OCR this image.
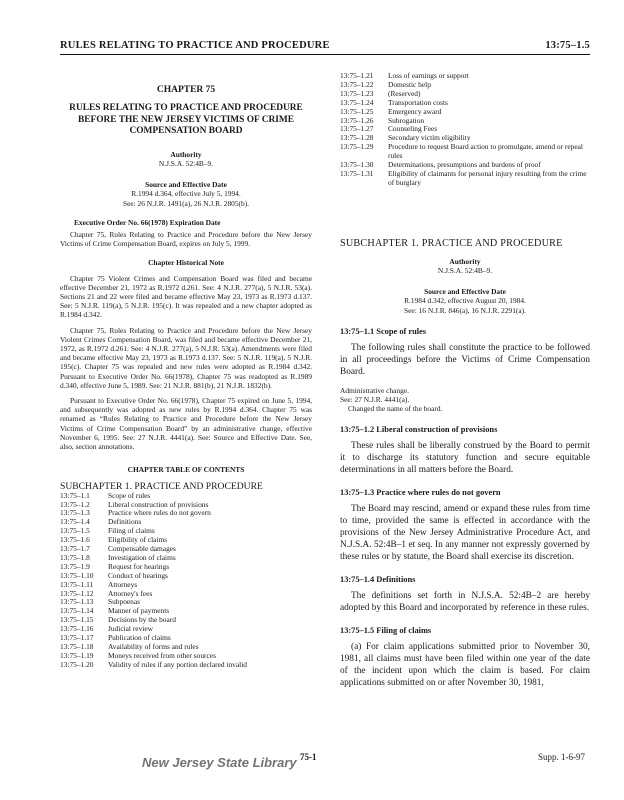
RULES RELATING TO PRACTICE AND PROCEDURE	13:75–1.5
CHAPTER 75
RULES RELATING TO PRACTICE AND PROCEDURE BEFORE THE NEW JERSEY VICTIMS OF CRIME COMPENSATION BOARD
Authority
N.J.S.A. 52:4B–9.
Source and Effective Date
R.1994 d.364, effective July 5, 1994.
See: 26 N.J.R. 1491(a), 26 N.J.R. 2805(b).
Executive Order No. 66(1978) Expiration Date

Chapter 75, Rules Relating to Practice and Procedure before the New Jersey Victims of Crime Compensation Board, expires on July 5, 1999.

Chapter Historical Note

Chapter 75 Violent Crimes and Compensation Board was filed and became effective December 21, 1972 as R.1972 d.261. See: 4 N.J.R. 277(a), 5 N.J.R. 53(a). Sections 21 and 22 were filed and became effective May 23, 1973 as R.1973 d.137. See: 5 N.J.R. 119(a), 5 N.J.R. 195(c). It was repealed and a new chapter adopted as R.1984 d.342.

Chapter 75, Rules Relating to Practice and Procedure before the New Jersey Violent Crimes Compensation Board, was filed and became effective December 21, 1972, as R.1972 d.261. See: 4 N.J.R. 277(a), 5 N.J.R. 53(a). Amendments were filed and became effective May 23, 1973 as R.1973 d.137. See: 5 N.J.R. 119(a), 5 N.J.R. 195(c). Chapter 75 was repealed and new rules were adopted as R.1984 d.342. Pursuant to Executive Order No. 66(1978), Chapter 75 was readopted as R.1989 d.340, effective June 5, 1989. See: 21 N.J.R. 881(b), 21 N.J.R. 1832(b).

Pursuant to Executive Order No. 66(1978), Chapter 75 expired on June 5, 1994, and subsequently was adopted as new rules by R.1994 d.364. Chapter 75 was renamed as “Rules Relating to Practice and Procedure before the New Jersey Victims of Crime Compensation Board” by an administrative change, effective November 6, 1995. See: 27 N.J.R. 4441(a). See: Source and Effective Date. See, also, section annotations.

CHAPTER TABLE OF CONTENTS
SUBCHAPTER 1. PRACTICE AND PROCEDURE
13:75–1.1	Scope of rules
13:75–1.2	Liberal construction of provisions
13:75–1.3	Practice where rules do not govern
13:75–1.4	Definitions
13:75–1.5	Filing of claims
13:75–1.6	Eligibility of claims
13:75–1.7	Compensable damages
13:75–1.8	Investigation of claims
13:75–1.9	Request for hearings
13:75–1.10	Conduct of hearings
13:75–1.11	Attorneys
13:75–1.12	Attorney's fees
13:75–1.13	Subpoenas
13:75–1.14	Manner of payments
13:75–1.15	Decisions by the board
13:75–1.16	Judicial review
13:75–1.17	Publication of claims
13:75–1.18	Availability of forms and rules
13:75–1.19	Moneys received from other sources
13:75–1.20	Validity of rules if any portion declared invalid
13:75–1.21	Loss of earnings or support
13:75–1.22	Domestic help
13:75–1.23	(Reserved)
13:75–1.24	Transportation costs
13:75–1.25	Emergency award
13:75–1.26	Subrogation
13:75–1.27	Counseling Fees
13:75–1.28	Secondary victim eligibility
13:75–1.29	Procedure to request Board action to promulgate, amend or repeal rules
13:75–1.30	Determinations, presumptions and burdens of proof
13:75–1.31	Eligibility of claimants for personal injury resulting from the crime of burglary
SUBCHAPTER 1. PRACTICE AND PROCEDURE
Authority
N.J.S.A. 52:4B–9.
Source and Effective Date
R.1984 d.342, effective August 20, 1984.
See: 16 N.J.R. 846(a), 16 N.J.R. 2291(a).
13:75–1.1 Scope of rules

The following rules shall constitute the practice to be followed in all proceedings before the Victims of Crime Compensation Board.

Administrative change.
See: 27 N.J.R. 4441(a).
Changed the name of the board.
13:75–1.2 Liberal construction of provisions

These rules shall be liberally construed by the Board to permit it to discharge its statutory function and secure equitable determinations in all matters before the Board.

13:75–1.3 Practice where rules do not govern

The Board may rescind, amend or expand these rules from time to time, provided the same is effected in accordance with the provisions of the New Jersey Administrative Procedure Act, and N.J.S.A. 52:4B–1 et seq. In any manner not expressly governed by these rules or by statute, the Board shall exercise its discretion.

13:75–1.4 Definitions

The definitions set forth in N.J.S.A. 52:4B–2 are hereby adopted by this Board and incorporated by reference in these rules.

13:75–1.5 Filing of claims

(a) For claim applications submitted prior to November 30, 1981, all claims must have been filed within one year of the date of the incident upon which the claim is based. For claim applications submitted on or after November 30, 1981,

New Jersey State Library 75-1	Supp. 1-6-97
